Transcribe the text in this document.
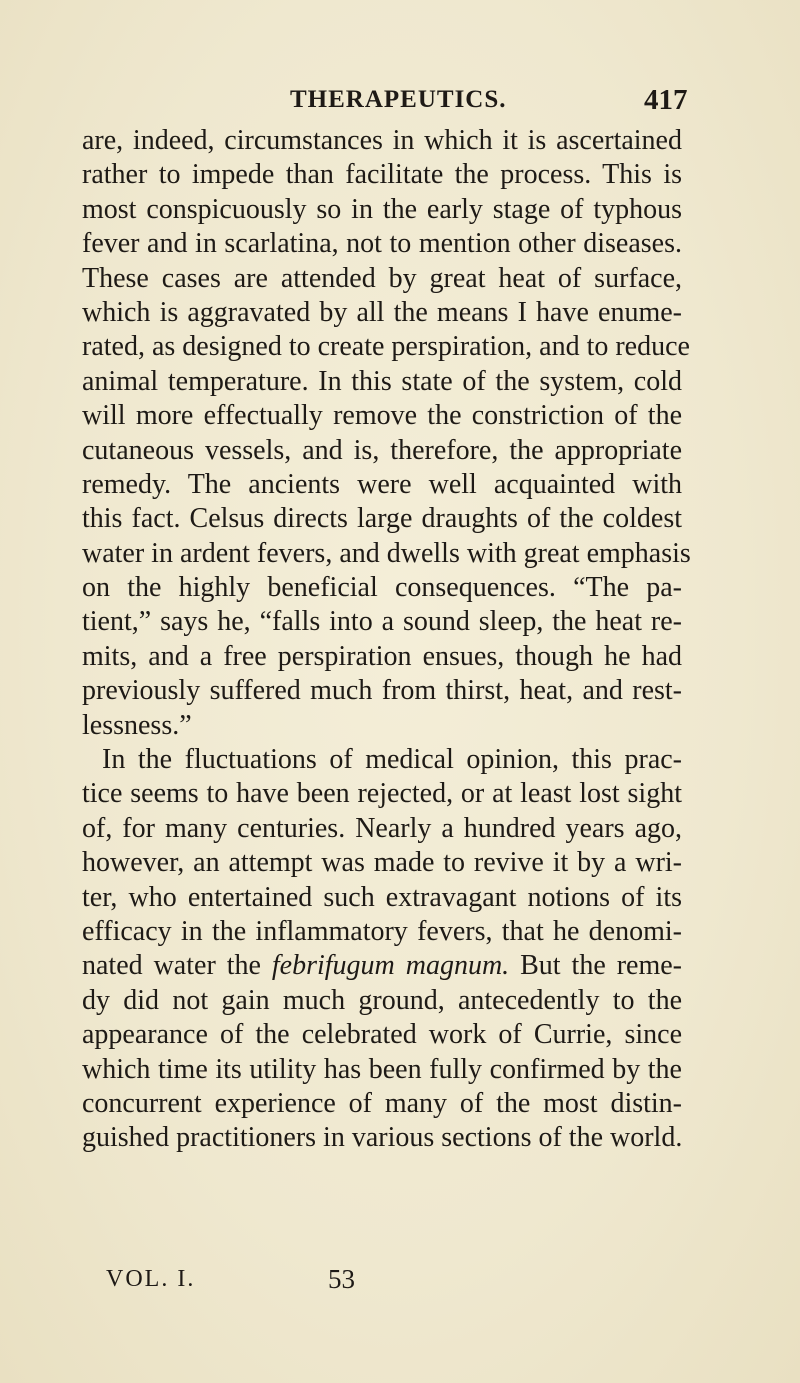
THERAPEUTICS.	417
are, indeed, circumstances in which it is ascertained
rather to impede than facilitate the process. This is
most conspicuously so in the early stage of typhous
fever and in scarlatina, not to mention other diseases.
These cases are attended by great heat of surface,
which is aggravated by all the means I have enume-
rated, as designed to create perspiration, and to reduce
animal temperature. In this state of the system, cold
will more effectually remove the constriction of the
cutaneous vessels, and is, therefore, the appropriate
remedy. The ancients were well acquainted with
this fact. Celsus directs large draughts of the coldest
water in ardent fevers, and dwells with great emphasis
on the highly beneficial consequences. “The pa-
tient,” says he, “falls into a sound sleep, the heat re-
mits, and a free perspiration ensues, though he had
previously suffered much from thirst, heat, and rest-
lessness.”
In the fluctuations of medical opinion, this prac-
tice seems to have been rejected, or at least lost sight
of, for many centuries. Nearly a hundred years ago,
however, an attempt was made to revive it by a wri-
ter, who entertained such extravagant notions of its
efficacy in the inflammatory fevers, that he denomi-
nated water the febrifugum magnum. But the reme-
dy did not gain much ground, antecedently to the
appearance of the celebrated work of Currie, since
which time its utility has been fully confirmed by the
concurrent experience of many of the most distin-
guished practitioners in various sections of the world.
VOL. I.	53
